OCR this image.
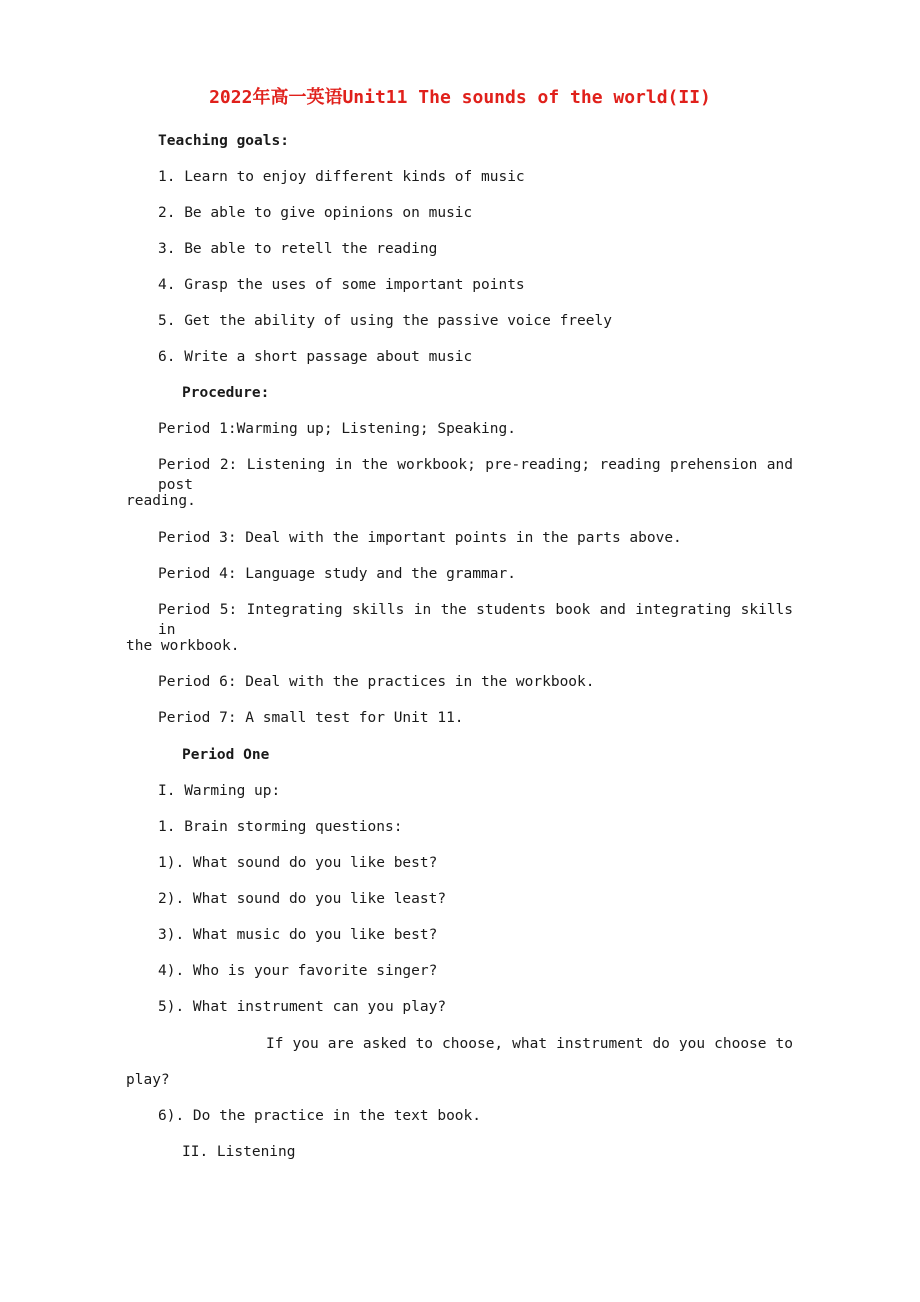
2022年高一英语Unit11 The sounds of the world(II)
Teaching goals:
1. Learn to enjoy different kinds of music
2. Be able to give opinions on music
3. Be able to retell the reading
4. Grasp the uses of some important points
5. Get the ability of using the passive voice freely
6. Write a short passage about music
Procedure:
Period 1:Warming up; Listening; Speaking.
Period 2: Listening in the workbook; pre-reading; reading prehension and post
reading.
Period 3: Deal with the important points in the parts above.
Period 4: Language study and the grammar.
Period 5: Integrating skills in the students book and integrating skills in
the workbook.
Period 6: Deal with the practices in the workbook.
Period 7: A small test for Unit 11.
Period One
I. Warming up:
1. Brain storming questions:
1). What sound do you like best?
2). What sound do you like least?
3). What music do you like best?
4). Who is your favorite singer?
5). What instrument can you play?
If you are asked to choose, what instrument do you choose to
play?
6). Do the practice in the text book.
II. Listening
